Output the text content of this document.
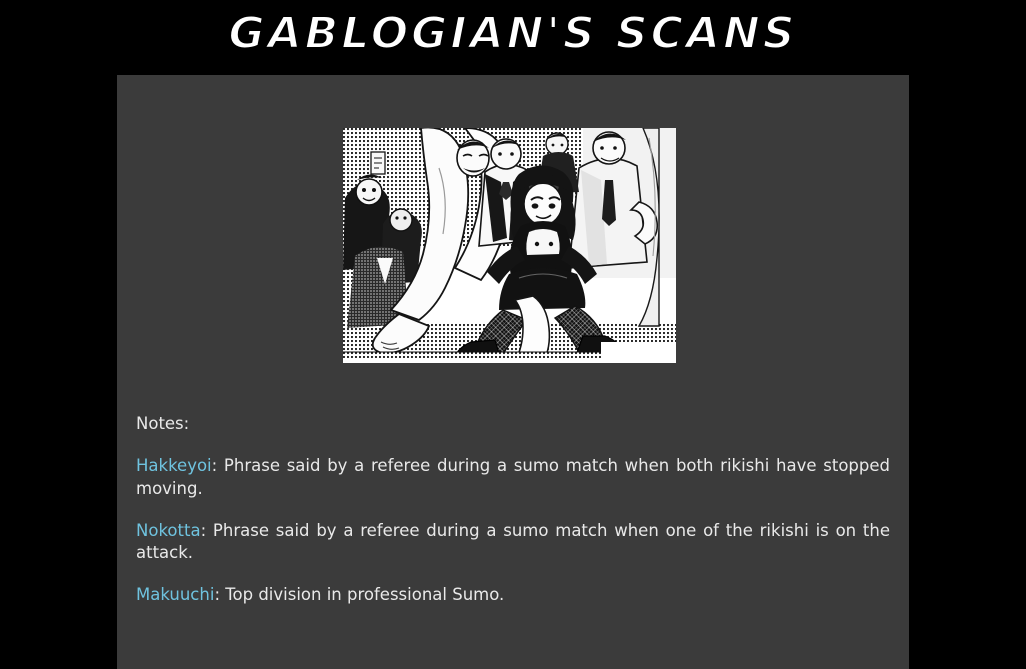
GABLOGIAN'S SCANS

Notes:

Hakkeyoi: Phrase said by a referee during a sumo match when both rikishi have stopped moving.

Nokotta: Phrase said by a referee during a sumo match when one of the rikishi is on the attack.

Makuuchi: Top division in professional Sumo.
